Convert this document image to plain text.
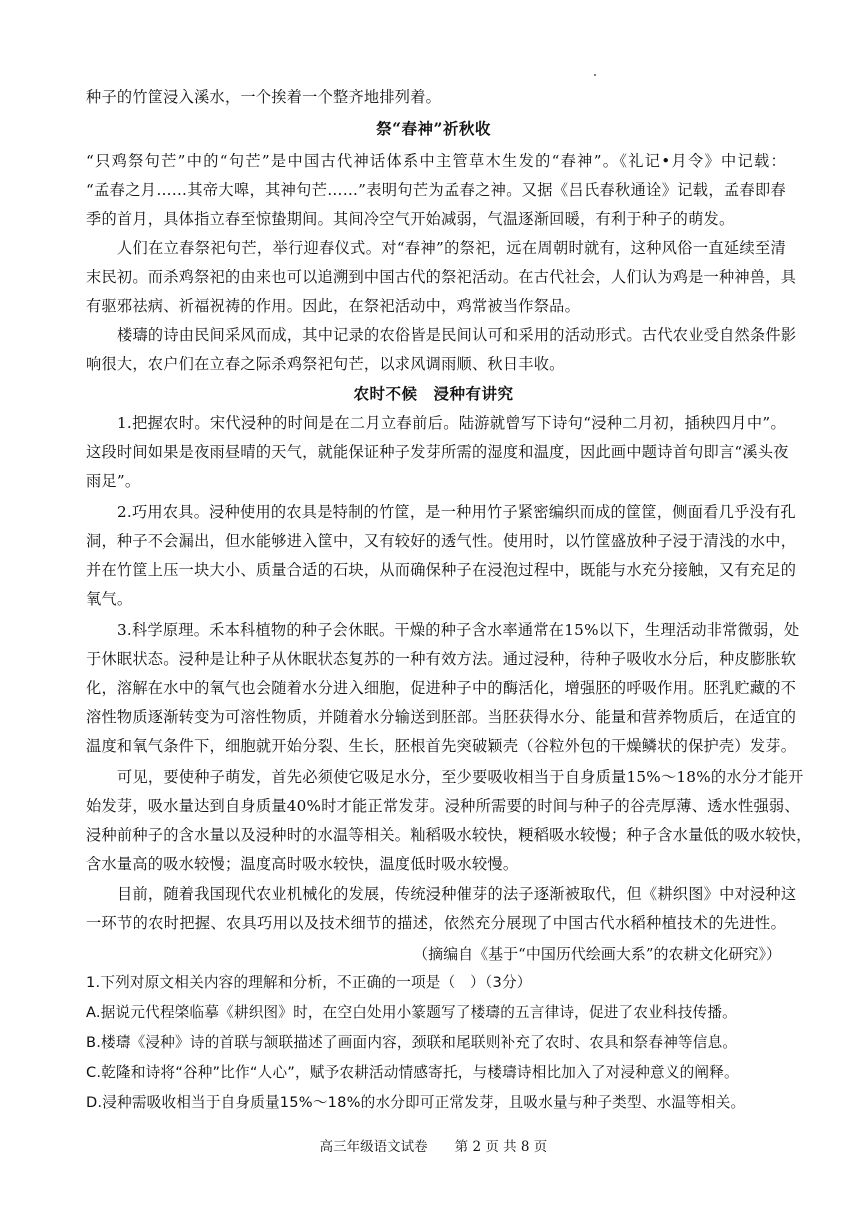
种子的竹筐浸入溪水，一个挨着一个整齐地排列着。
祭“春神”祈秋收
“只鸡祭句芒”中的“句芒”是中国古代神话体系中主管草木生发的“春神”。《礼记•月令》中记载：
“孟春之月……其帝大嗥，其神句芒……”表明句芒为孟春之神。又据《吕氏春秋通诠》记载，孟春即春
季的首月，具体指立春至惊蛰期间。其间冷空气开始减弱，气温逐渐回暖，有利于种子的萌发。
人们在立春祭祀句芒，举行迎春仪式。对“春神”的祭祀，远在周朝时就有，这种风俗一直延续至清
末民初。而杀鸡祭祀的由来也可以追溯到中国古代的祭祀活动。在古代社会，人们认为鸡是一种神兽，具
有驱邪祛病、祈福祝祷的作用。因此，在祭祀活动中，鸡常被当作祭品。
楼璹的诗由民间采风而成，其中记录的农俗皆是民间认可和采用的活动形式。古代农业受自然条件影
响很大，农户们在立春之际杀鸡祭祀句芒，以求风调雨顺、秋日丰收。
农时不候　浸种有讲究
1.把握农时。宋代浸种的时间是在二月立春前后。陆游就曾写下诗句“浸种二月初，插秧四月中”。
这段时间如果是夜雨昼晴的天气，就能保证种子发芽所需的湿度和温度，因此画中题诗首句即言“溪头夜
雨足”。
2.巧用农具。浸种使用的农具是特制的竹筐，是一种用竹子紧密编织而成的筐筐，侧面看几乎没有孔
洞，种子不会漏出，但水能够进入筐中，又有较好的透气性。使用时，以竹筐盛放种子浸于清浅的水中，
并在竹筐上压一块大小、质量合适的石块，从而确保种子在浸泡过程中，既能与水充分接触，又有充足的
氧气。
3.科学原理。禾本科植物的种子会休眠。干燥的种子含水率通常在15%以下，生理活动非常微弱，处
于休眠状态。浸种是让种子从休眠状态复苏的一种有效方法。通过浸种，待种子吸收水分后，种皮膨胀软
化，溶解在水中的氧气也会随着水分进入细胞，促进种子中的酶活化，增强胚的呼吸作用。胚乳贮藏的不
溶性物质逐渐转变为可溶性物质，并随着水分输送到胚部。当胚获得水分、能量和营养物质后，在适宜的
温度和氧气条件下，细胞就开始分裂、生长，胚根首先突破颖壳（谷粒外包的干燥鳞状的保护壳）发芽。
可见，要使种子萌发，首先必须使它吸足水分，至少要吸收相当于自身质量15%～18%的水分才能开
始发芽，吸水量达到自身质量40%时才能正常发芽。浸种所需要的时间与种子的谷壳厚薄、透水性强弱、
浸种前种子的含水量以及浸种时的水温等相关。籼稻吸水较快，粳稻吸水较慢；种子含水量低的吸水较快，
含水量高的吸水较慢；温度高时吸水较快，温度低时吸水较慢。
目前，随着我国现代农业机械化的发展，传统浸种催芽的法子逐渐被取代，但《耕织图》中对浸种这
一环节的农时把握、农具巧用以及技术细节的描述，依然充分展现了中国古代水稻种植技术的先进性。
（摘编自《基于“中国历代绘画大系”的农耕文化研究》）
1.下列对原文相关内容的理解和分析，不正确的一项是（　）（3分）
A.据说元代程棨临摹《耕织图》时，在空白处用小篆题写了楼璹的五言律诗，促进了农业科技传播。
B.楼璹《浸种》诗的首联与颔联描述了画面内容，颈联和尾联则补充了农时、农具和祭春神等信息。
C.乾隆和诗将“谷种”比作“人心”，赋予农耕活动情感寄托，与楼璹诗相比加入了对浸种意义的阐释。
D.浸种需吸收相当于自身质量15%～18%的水分即可正常发芽，且吸水量与种子类型、水温等相关。
高三年级语文试卷　　第 2 页 共 8 页
